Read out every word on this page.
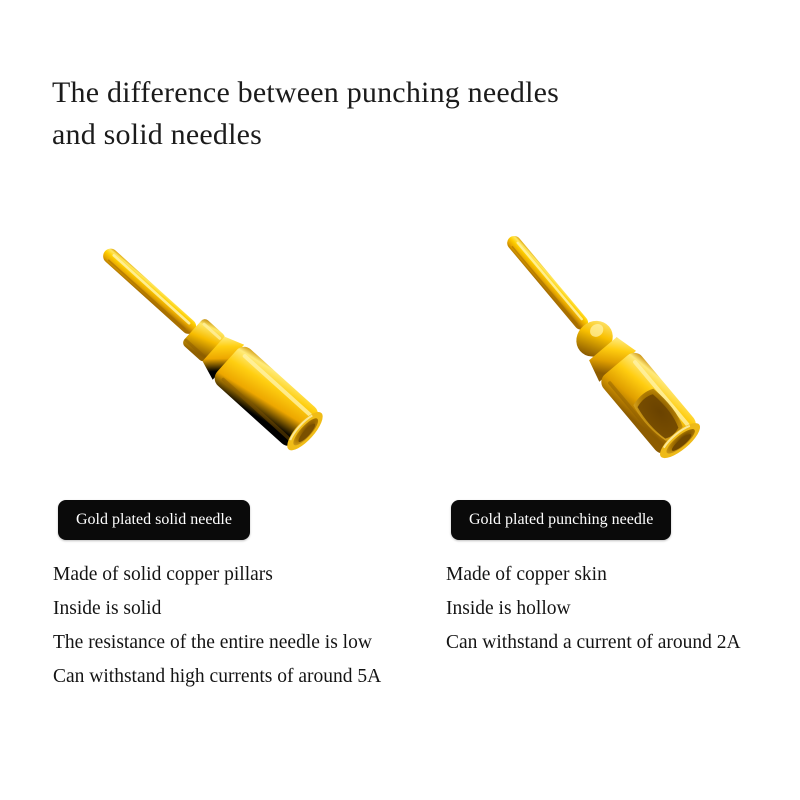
The difference between punching needles
and solid needles
Gold plated solid needle
Made of solid copper pillars
Inside is solid
The resistance of the entire needle is low
Can withstand high currents of around 5A
Gold plated punching needle
Made of copper skin
Inside is hollow
Can withstand a current of around 2A
